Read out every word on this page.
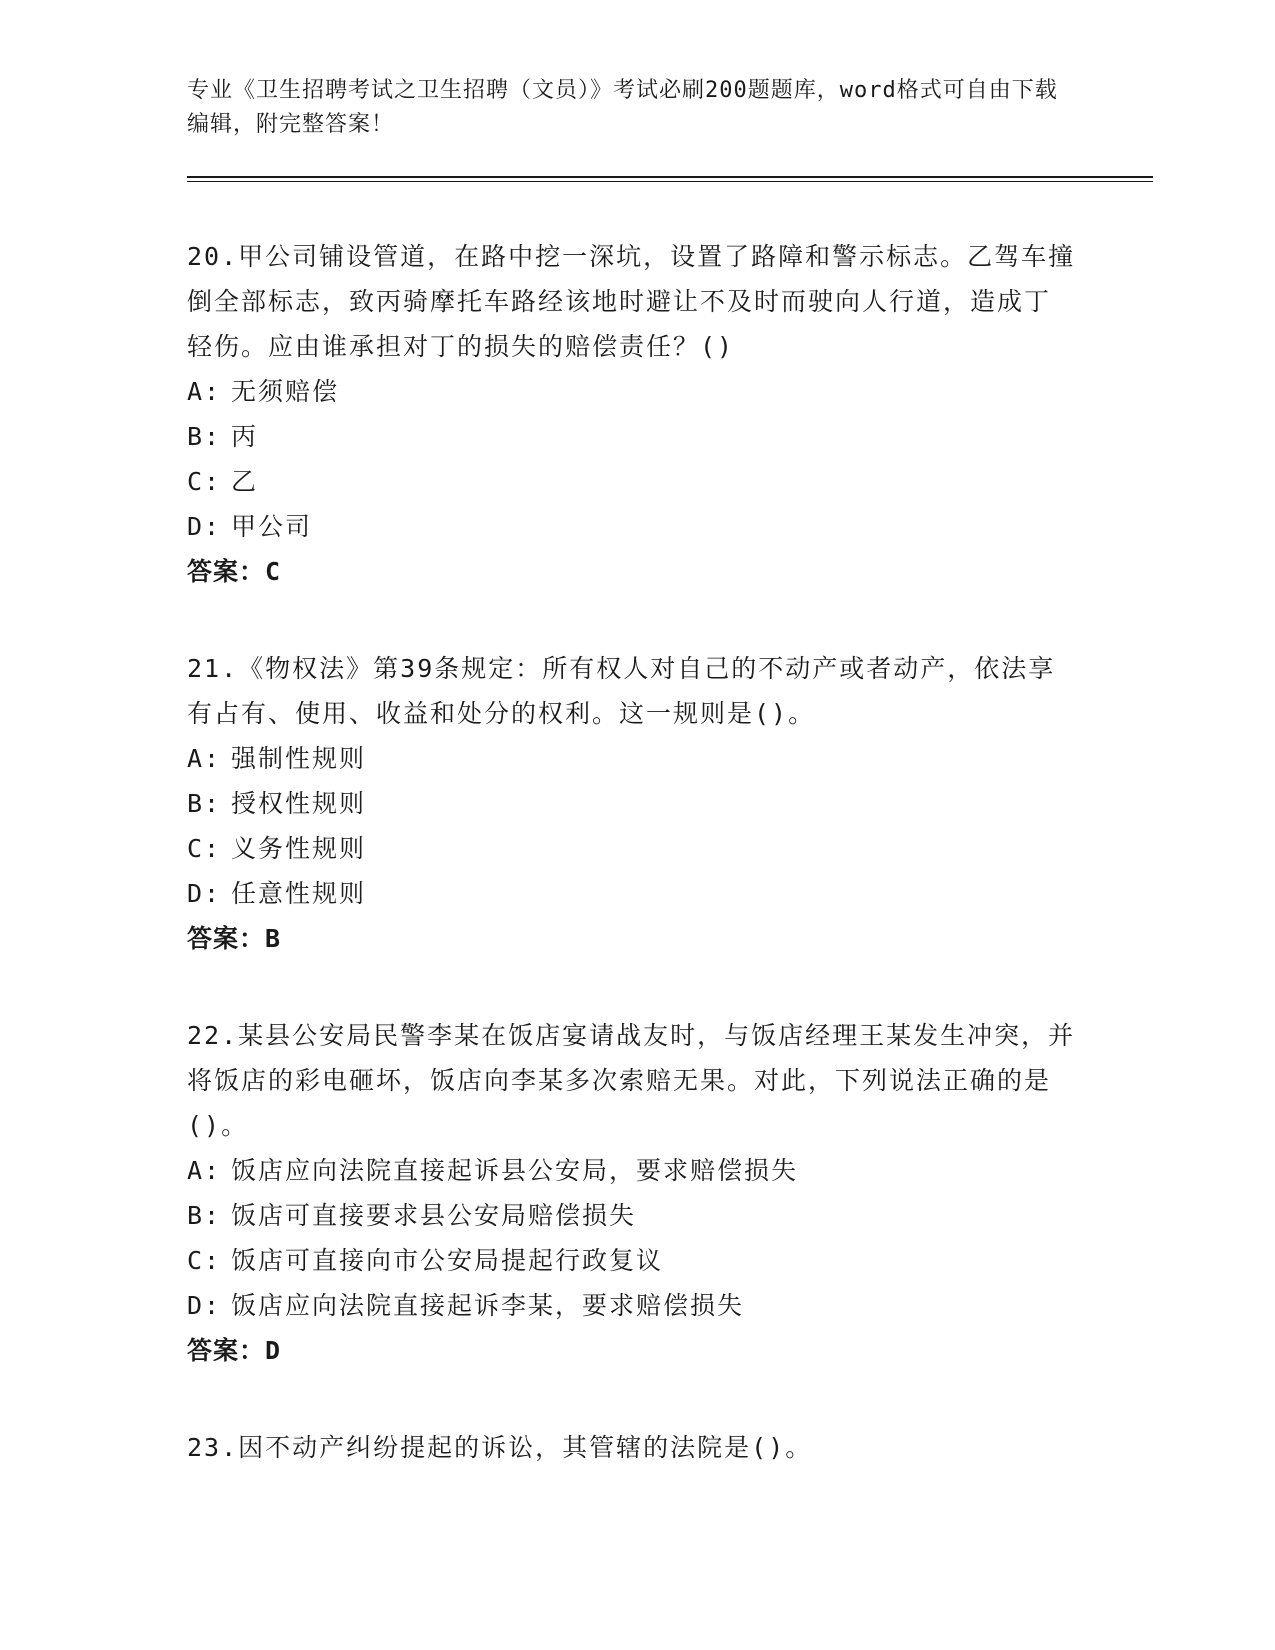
专业《卫生招聘考试之卫生招聘（文员）》考试必刷200题题库，word格式可自由下载编辑，附完整答案！

20.甲公司铺设管道，在路中挖一深坑，设置了路障和警示标志。乙驾车撞倒全部标志，致丙骑摩托车路经该地时避让不及时而驶向人行道，造成丁轻伤。应由谁承担对丁的损失的赔偿责任？()

A: 无须赔偿

B: 丙

C: 乙

D: 甲公司

答案：C

21.《物权法》第39条规定：所有权人对自己的不动产或者动产，依法享有占有、使用、收益和处分的权利。这一规则是()。

A: 强制性规则

B: 授权性规则

C: 义务性规则

D: 任意性规则

答案：B

22.某县公安局民警李某在饭店宴请战友时，与饭店经理王某发生冲突，并将饭店的彩电砸坏，饭店向李某多次索赔无果。对此，下列说法正确的是()。

A: 饭店应向法院直接起诉县公安局，要求赔偿损失

B: 饭店可直接要求县公安局赔偿损失

C: 饭店可直接向市公安局提起行政复议

D: 饭店应向法院直接起诉李某，要求赔偿损失

答案：D

23.因不动产纠纷提起的诉讼，其管辖的法院是()。
